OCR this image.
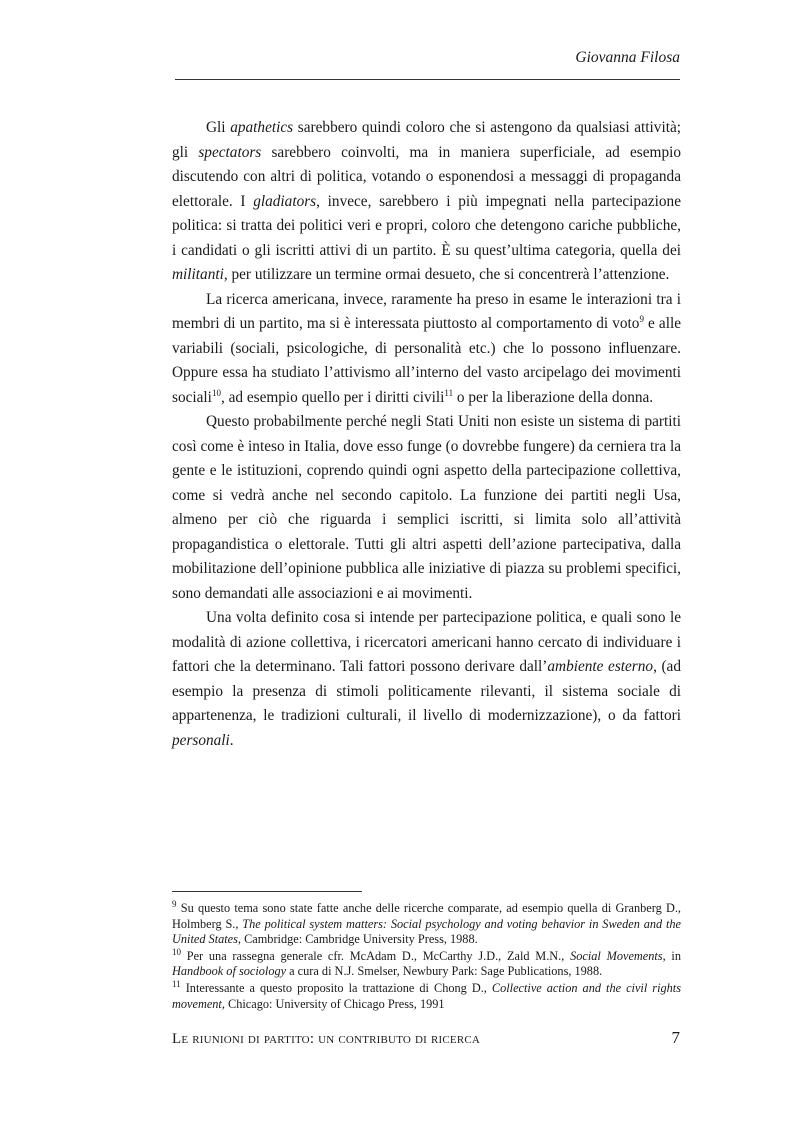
Giovanna Filosa

Gli apathetics sarebbero quindi coloro che si astengono da qualsiasi attività; gli spectators sarebbero coinvolti, ma in maniera superficiale, ad esempio discutendo con altri di politica, votando o esponendosi a messaggi di propaganda elettorale. I gladiators, invece, sarebbero i più impegnati nella partecipazione politica: si tratta dei politici veri e propri, coloro che detengono cariche pubbliche, i candidati o gli iscritti attivi di un partito. È su quest’ultima categoria, quella dei militanti, per utilizzare un termine ormai desueto, che si concentrerà l’attenzione.

La ricerca americana, invece, raramente ha preso in esame le interazioni tra i membri di un partito, ma si è interessata piuttosto al comportamento di voto$^9$ e alle variabili (sociali, psicologiche, di personalità etc.) che lo possono influenzare. Oppure essa ha studiato l’attivismo all’interno del vasto arcipelago dei movimenti sociali$^{10}$, ad esempio quello per i diritti civili$^{11}$ o per la liberazione della donna.

Questo probabilmente perché negli Stati Uniti non esiste un sistema di partiti così come è inteso in Italia, dove esso funge (o dovrebbe fungere) da cerniera tra la gente e le istituzioni, coprendo quindi ogni aspetto della partecipazione collettiva, come si vedrà anche nel secondo capitolo. La funzione dei partiti negli Usa, almeno per ciò che riguarda i semplici iscritti, si limita solo all’attività propagandistica o elettorale. Tutti gli altri aspetti dell’azione partecipativa, dalla mobilitazione dell’opinione pubblica alle iniziative di piazza su problemi specifici, sono demandati alle associazioni e ai movimenti.

Una volta definito cosa si intende per partecipazione politica, e quali sono le modalità di azione collettiva, i ricercatori americani hanno cercato di individuare i fattori che la determinano. Tali fattori possono derivare dall’ambiente esterno, (ad esempio la presenza di stimoli politicamente rilevanti, il sistema sociale di appartenenza, le tradizioni culturali, il livello di modernizzazione), o da fattori personali.

$^9$ Su questo tema sono state fatte anche delle ricerche comparate, ad esempio quella di Granberg D., Holmberg S., The political system matters: Social psychology and voting behavior in Sweden and the United States, Cambridge: Cambridge University Press, 1988.

$^{10}$ Per una rassegna generale cfr. McAdam D., McCarthy J.D., Zald M.N., Social Movements, in Handbook of sociology a cura di N.J. Smelser, Newbury Park: Sage Publications, 1988.

$^{11}$ Interessante a questo proposito la trattazione di Chong D., Collective action and the civil rights movement, Chicago: University of Chicago Press, 1991

Le riunioni di partito: un contributo di ricerca	7
